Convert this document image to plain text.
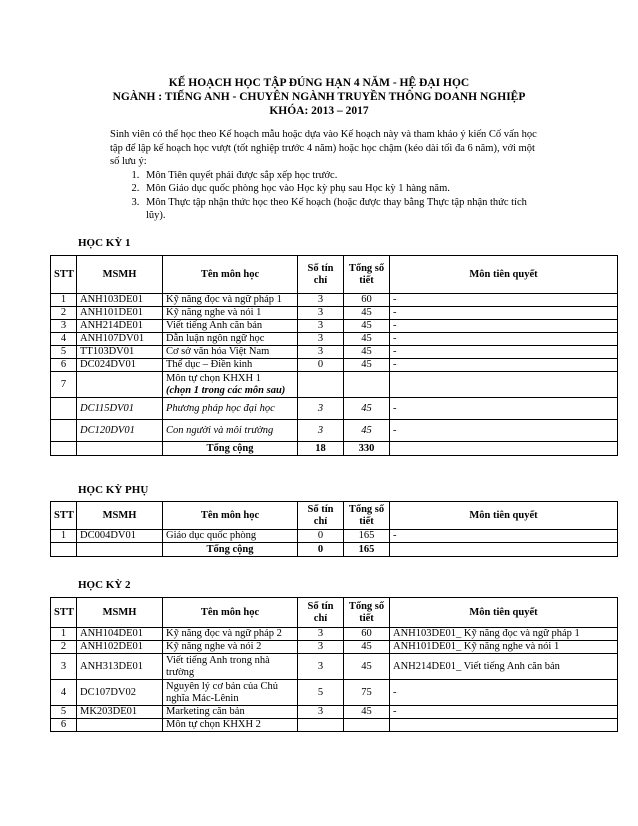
KẾ HOẠCH HỌC TẬP ĐÚNG HẠN 4 NĂM - HỆ ĐẠI HỌC
NGÀNH : TIẾNG ANH - CHUYÊN NGÀNH TRUYỀN THÔNG DOANH NGHIỆP
KHÓA: 2013 – 2017
Sinh viên có thể học theo Kế hoạch mẫu hoặc dựa vào Kế hoạch này và tham khảo ý kiến Cố vấn học tập để lập kế hoạch học vượt (tốt nghiệp trước 4 năm) hoặc học chậm (kéo dài tối đa 6 năm), với một số lưu ý:
1. Môn Tiên quyết phải được sắp xếp học trước.
2. Môn Giáo dục quốc phòng học vào Học kỳ phụ sau Học kỳ 1 hàng năm.
3. Môn Thực tập nhận thức học theo Kế hoạch (hoặc được thay bằng Thực tập nhận thức tích lũy).
HỌC KỲ 1
STT	MSMH	Tên môn học	Số tín chỉ	Tổng số tiết	Môn tiên quyết
1	ANH103DE01	Kỹ năng đọc và ngữ pháp 1	3	60	-
2	ANH101DE01	Kỹ năng nghe và nói 1	3	45	-
3	ANH214DE01	Viết tiếng Anh căn bản	3	45	-
4	ANH107DV01	Dẫn luận ngôn ngữ học	3	45	-
5	TT103DV01	Cơ sở văn hóa Việt Nam	3	45	-
6	DC024DV01	Thể dục – Điền kinh	0	45	-
7		Môn tự chọn KHXH 1
(chọn 1 trong các môn sau)			

	DC115DV01	Phương pháp học đại học	3	45	-
	DC120DV01	Con người và môi trường	3	45	-
		Tổng cộng	18	330	
HỌC KỲ PHỤ
STT	MSMH	Tên môn học	Số tín chỉ	Tổng số tiết	Môn tiên quyết
1	DC004DV01	Giáo dục quốc phòng	0	165	-
		Tổng cộng	0	165	
HỌC KỲ 2
STT	MSMH	Tên môn học	Số tín chỉ	Tổng số tiết	Môn tiên quyết
1	ANH104DE01	Kỹ năng đọc và ngữ pháp 2	3	60	ANH103DE01_ Kỹ năng đọc và ngữ pháp 1
2	ANH102DE01	Kỹ năng nghe và nói 2	3	45	ANH101DE01_ Kỹ năng nghe và nói 1
3	ANH313DE01	Viết tiếng Anh trong nhà trường	3	45	ANH214DE01_ Viết tiếng Anh căn bản
4	DC107DV02	Nguyên lý cơ bản của Chủ nghĩa Mác-Lênin	5	75	-
5	MK203DE01	Marketing căn bản	3	45	-
6		Môn tự chọn KHXH 2			
